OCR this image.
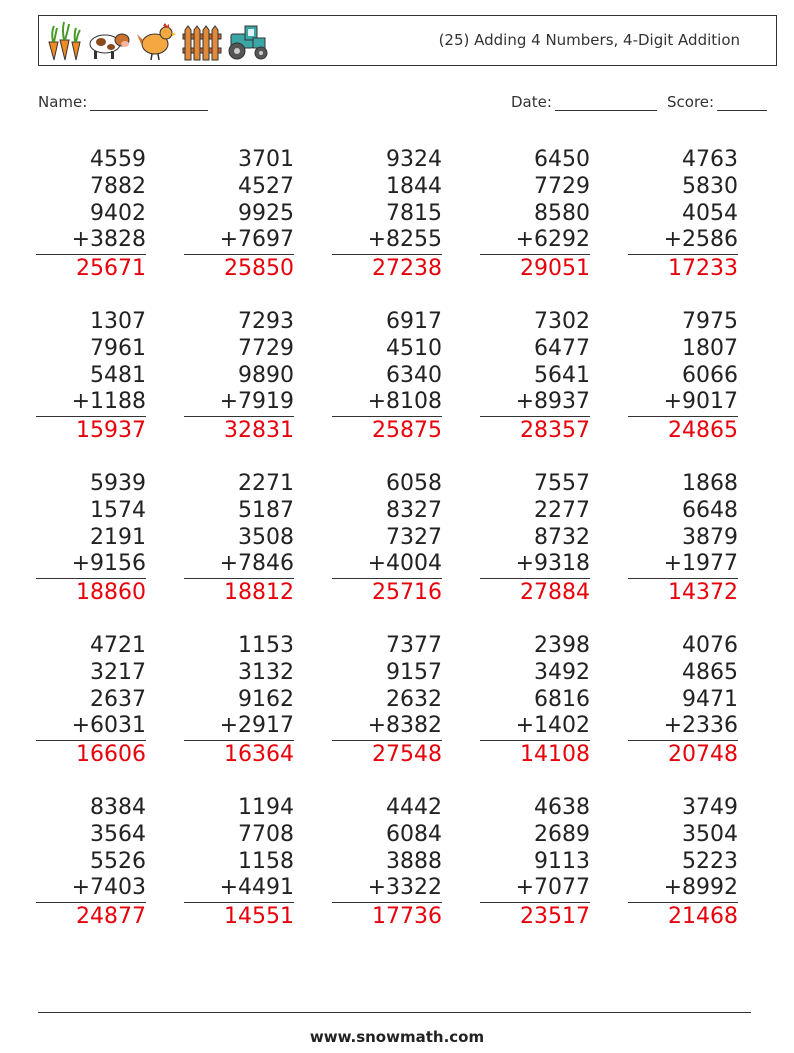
(25) Adding 4 Numbers, 4-Digit Addition
Name:	Date:	Score:
4559
7882
9402
+3828
25671
3701
4527
9925
+7697
25850
9324
1844
7815
+8255
27238
6450
7729
8580
+6292
29051
4763
5830
4054
+2586
17233
1307
7961
5481
+1188
15937
7293
7729
9890
+7919
32831
6917
4510
6340
+8108
25875
7302
6477
5641
+8937
28357
7975
1807
6066
+9017
24865
5939
1574
2191
+9156
18860
2271
5187
3508
+7846
18812
6058
8327
7327
+4004
25716
7557
2277
8732
+9318
27884
1868
6648
3879
+1977
14372
4721
3217
2637
+6031
16606
1153
3132
9162
+2917
16364
7377
9157
2632
+8382
27548
2398
3492
6816
+1402
14108
4076
4865
9471
+2336
20748
8384
3564
5526
+7403
24877
1194
7708
1158
+4491
14551
4442
6084
3888
+3322
17736
4638
2689
9113
+7077
23517
3749
3504
5223
+8992
21468
www.snowmath.com
